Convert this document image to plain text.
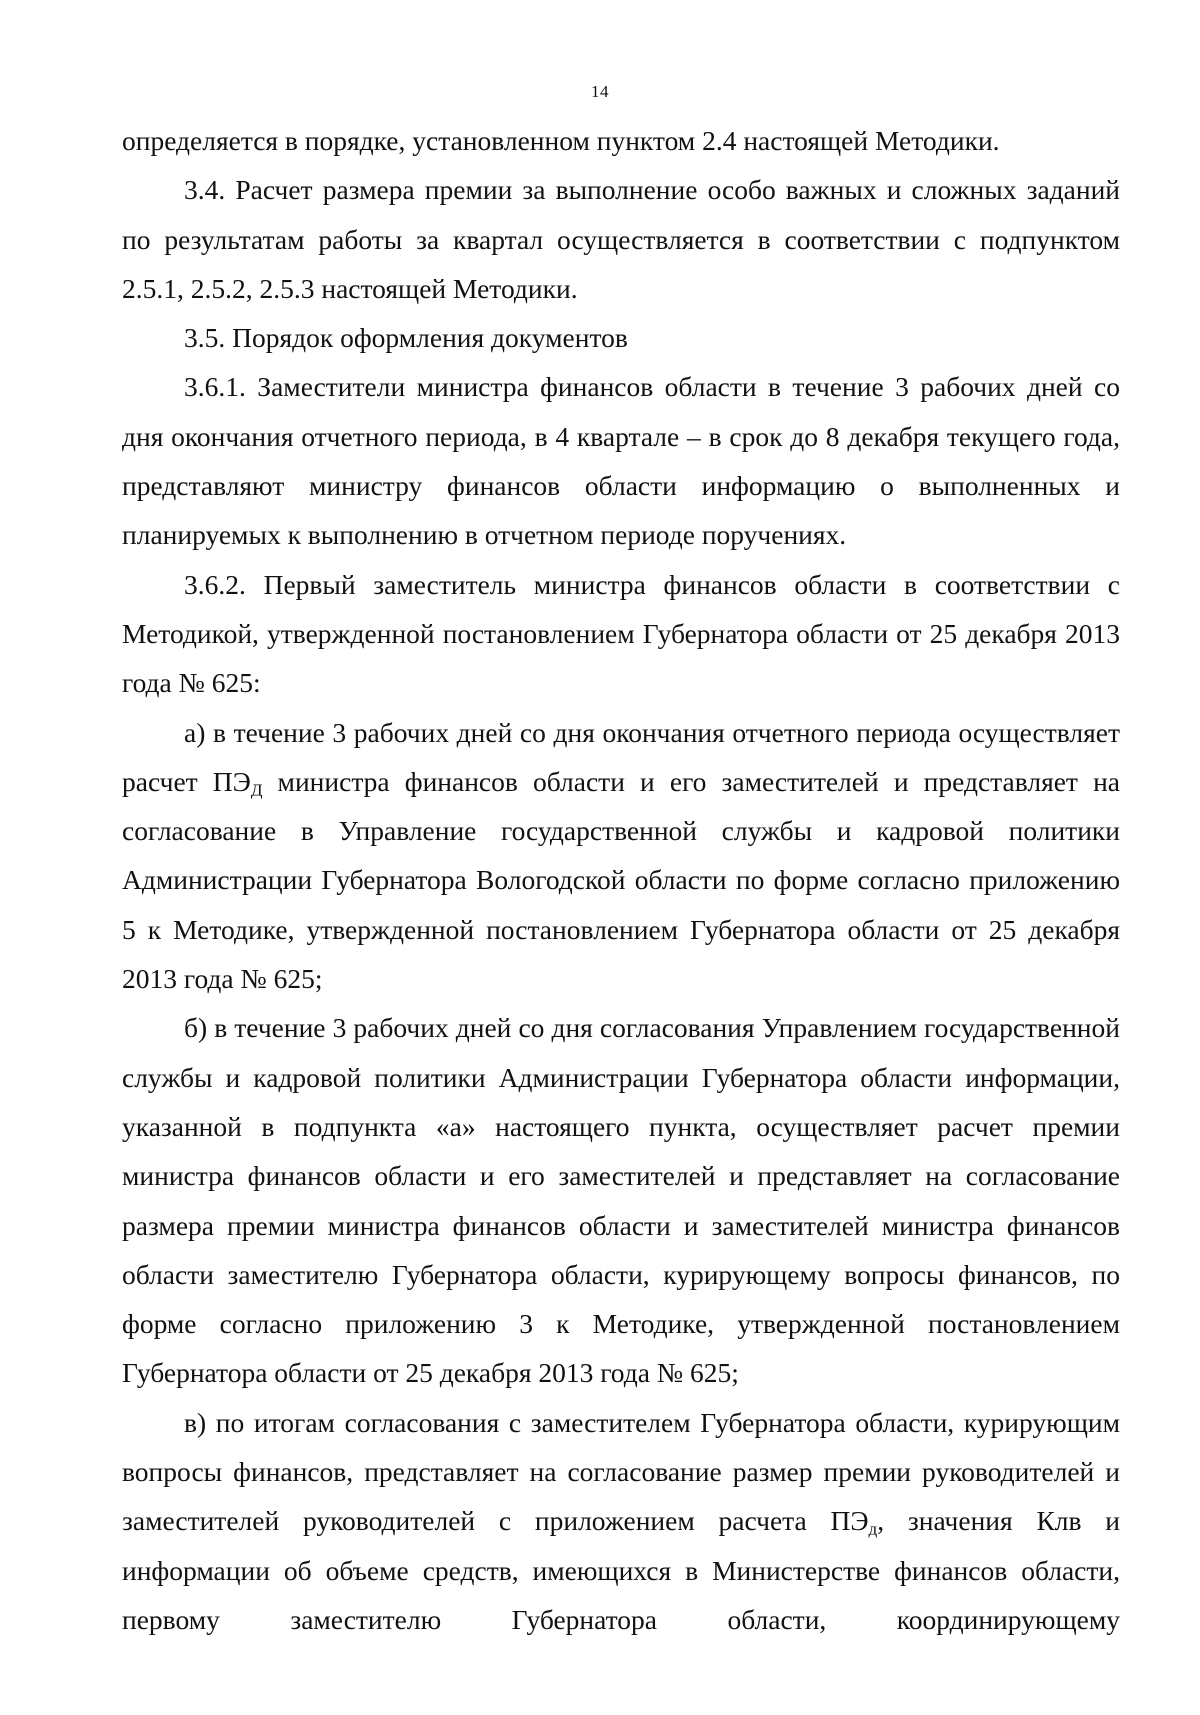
14

определяется в порядке, установленном пунктом 2.4 настоящей Методики.

3.4. Расчет размера премии за выполнение особо важных и сложных заданий по результатам работы за квартал осуществляется в соответствии с подпунктом 2.5.1, 2.5.2, 2.5.3 настоящей Методики.

3.5. Порядок оформления документов

3.6.1. Заместители министра финансов области в течение 3 рабочих дней со дня окончания отчетного периода, в 4 квартале – в срок до 8 декабря текущего года, представляют министру финансов области информацию о выполненных и планируемых к выполнению в отчетном периоде поручениях.

3.6.2. Первый заместитель министра финансов области в соответствии с Методикой, утвержденной постановлением Губернатора области от 25 декабря 2013 года № 625:

а) в течение 3 рабочих дней со дня окончания отчетного периода осуществляет расчет $ПЭ_Д$ министра финансов области и его заместителей и представляет на согласование в Управление государственной службы и кадровой политики Администрации Губернатора Вологодской области по форме согласно приложению 5 к Методике, утвержденной постановлением Губернатора области от 25 декабря 2013 года № 625;

б) в течение 3 рабочих дней со дня согласования Управлением государственной службы и кадровой политики Администрации Губернатора области информации, указанной в подпункта «а» настоящего пункта, осуществляет расчет премии министра финансов области и его заместителей и представляет на согласование размера премии министра финансов области и заместителей министра финансов области заместителю Губернатора области, курирующему вопросы финансов, по форме согласно приложению 3 к Методике, утвержденной постановлением Губернатора области от 25 декабря 2013 года № 625;

в) по итогам согласования с заместителем Губернатора области, курирующим вопросы финансов, представляет на согласование размер премии руководителей и заместителей руководителей с приложением расчета $ПЭ_д$, значения Клв и информации об объеме средств, имеющихся в Министерстве финансов области, первому заместителю Губернатора области, координирующему
